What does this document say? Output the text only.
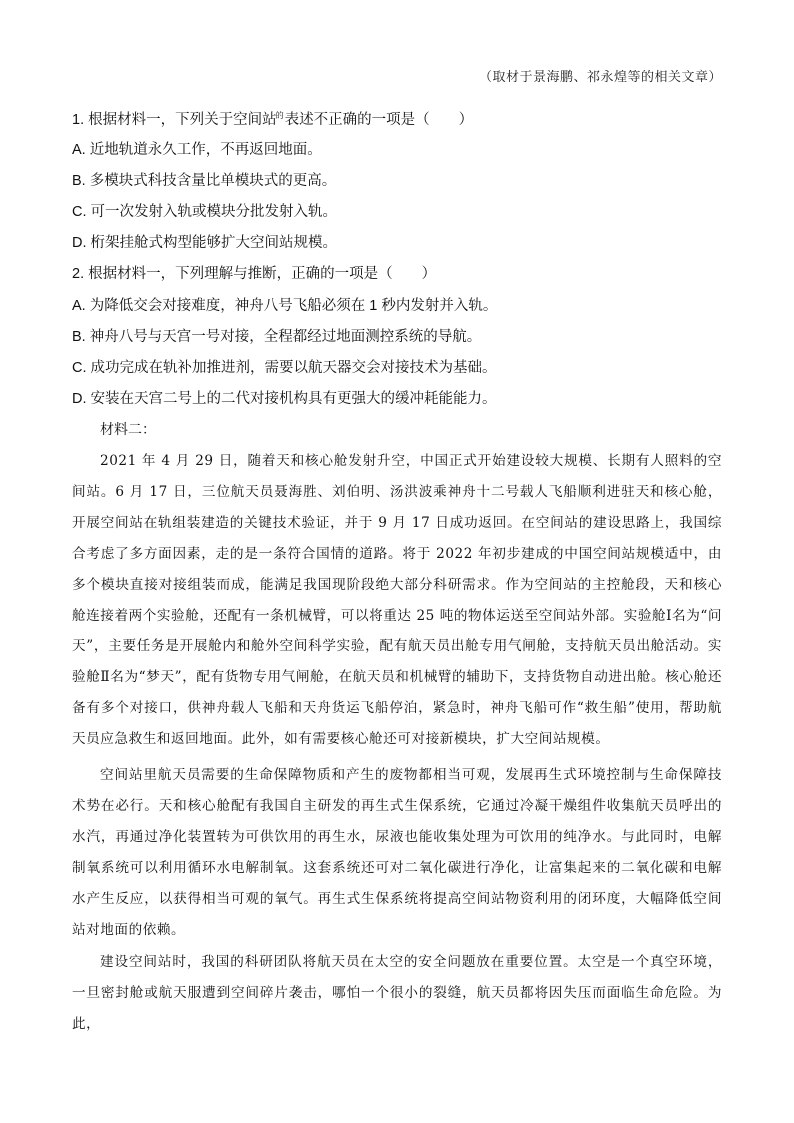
（取材于景海鹏、祁永煌等的相关文章）
1. 根据材料一，下列关于空间站$^的$表述不正确的一项是（　　）
A. 近地轨道永久工作，不再返回地面。
B. 多模块式科技含量比单模块式的更高。
C. 可一次发射入轨或模块分批发射入轨。
D. 桁架挂舱式构型能够扩大空间站规模。
2. 根据材料一，下列理解与推断，正确的一项是（　　）
A. 为降低交会对接难度，神舟八号飞船必须在 1 秒内发射并入轨。
B. 神舟八号与天宫一号对接，全程都经过地面测控系统的导航。
C. 成功完成在轨补加推进剂，需要以航天器交会对接技术为基础。
D. 安装在天宫二号上的二代对接机构具有更强大的缓冲耗能能力。
材料二：

2021 年 4 月 29 日，随着天和核心舱发射升空，中国正式开始建设较大规模、长期有人照料的空间站。6 月 17 日，三位航天员聂海胜、刘伯明、汤洪波乘神舟十二号载人飞船顺利进驻天和核心舱，开展空间站在轨组装建造的关键技术验证，并于 9 月 17 日成功返回。在空间站的建设思路上，我国综合考虑了多方面因素，走的是一条符合国情的道路。将于 2022 年初步建成的中国空间站规模适中，由多个模块直接对接组装而成，能满足我国现阶段绝大部分科研需求。作为空间站的主控舱段，天和核心舱连接着两个实验舱，还配有一条机械臂，可以将重达 25 吨的物体运送至空间站外部。实验舱Ⅰ名为“问天”，主要任务是开展舱内和舱外空间科学实验，配有航天员出舱专用气闸舱，支持航天员出舱活动。实验舱Ⅱ名为“梦天”，配有货物专用气闸舱，在航天员和机械臂的辅助下，支持货物自动进出舱。核心舱还备有多个对接口，供神舟载人飞船和天舟货运飞船停泊，紧急时，神舟飞船可作“救生船”使用，帮助航天员应急救生和返回地面。此外，如有需要核心舱还可对接新模块，扩大空间站规模。

空间站里航天员需要的生命保障物质和产生的废物都相当可观，发展再生式环境控制与生命保障技术势在必行。天和核心舱配有我国自主研发的再生式生保系统，它通过冷凝干燥组件收集航天员呼出的水汽，再通过净化装置转为可供饮用的再生水，尿液也能收集处理为可饮用的纯净水。与此同时，电解制氧系统可以利用循环水电解制氧。这套系统还可对二氧化碳进行净化，让富集起来的二氧化碳和电解水产生反应，以获得相当可观的氧气。再生式生保系统将提高空间站物资利用的闭环度，大幅降低空间站对地面的依赖。

建设空间站时，我国的科研团队将航天员在太空的安全问题放在重要位置。太空是一个真空环境，一旦密封舱或航天服遭到空间碎片袭击，哪怕一个很小的裂缝，航天员都将因失压而面临生命危险。为此，
